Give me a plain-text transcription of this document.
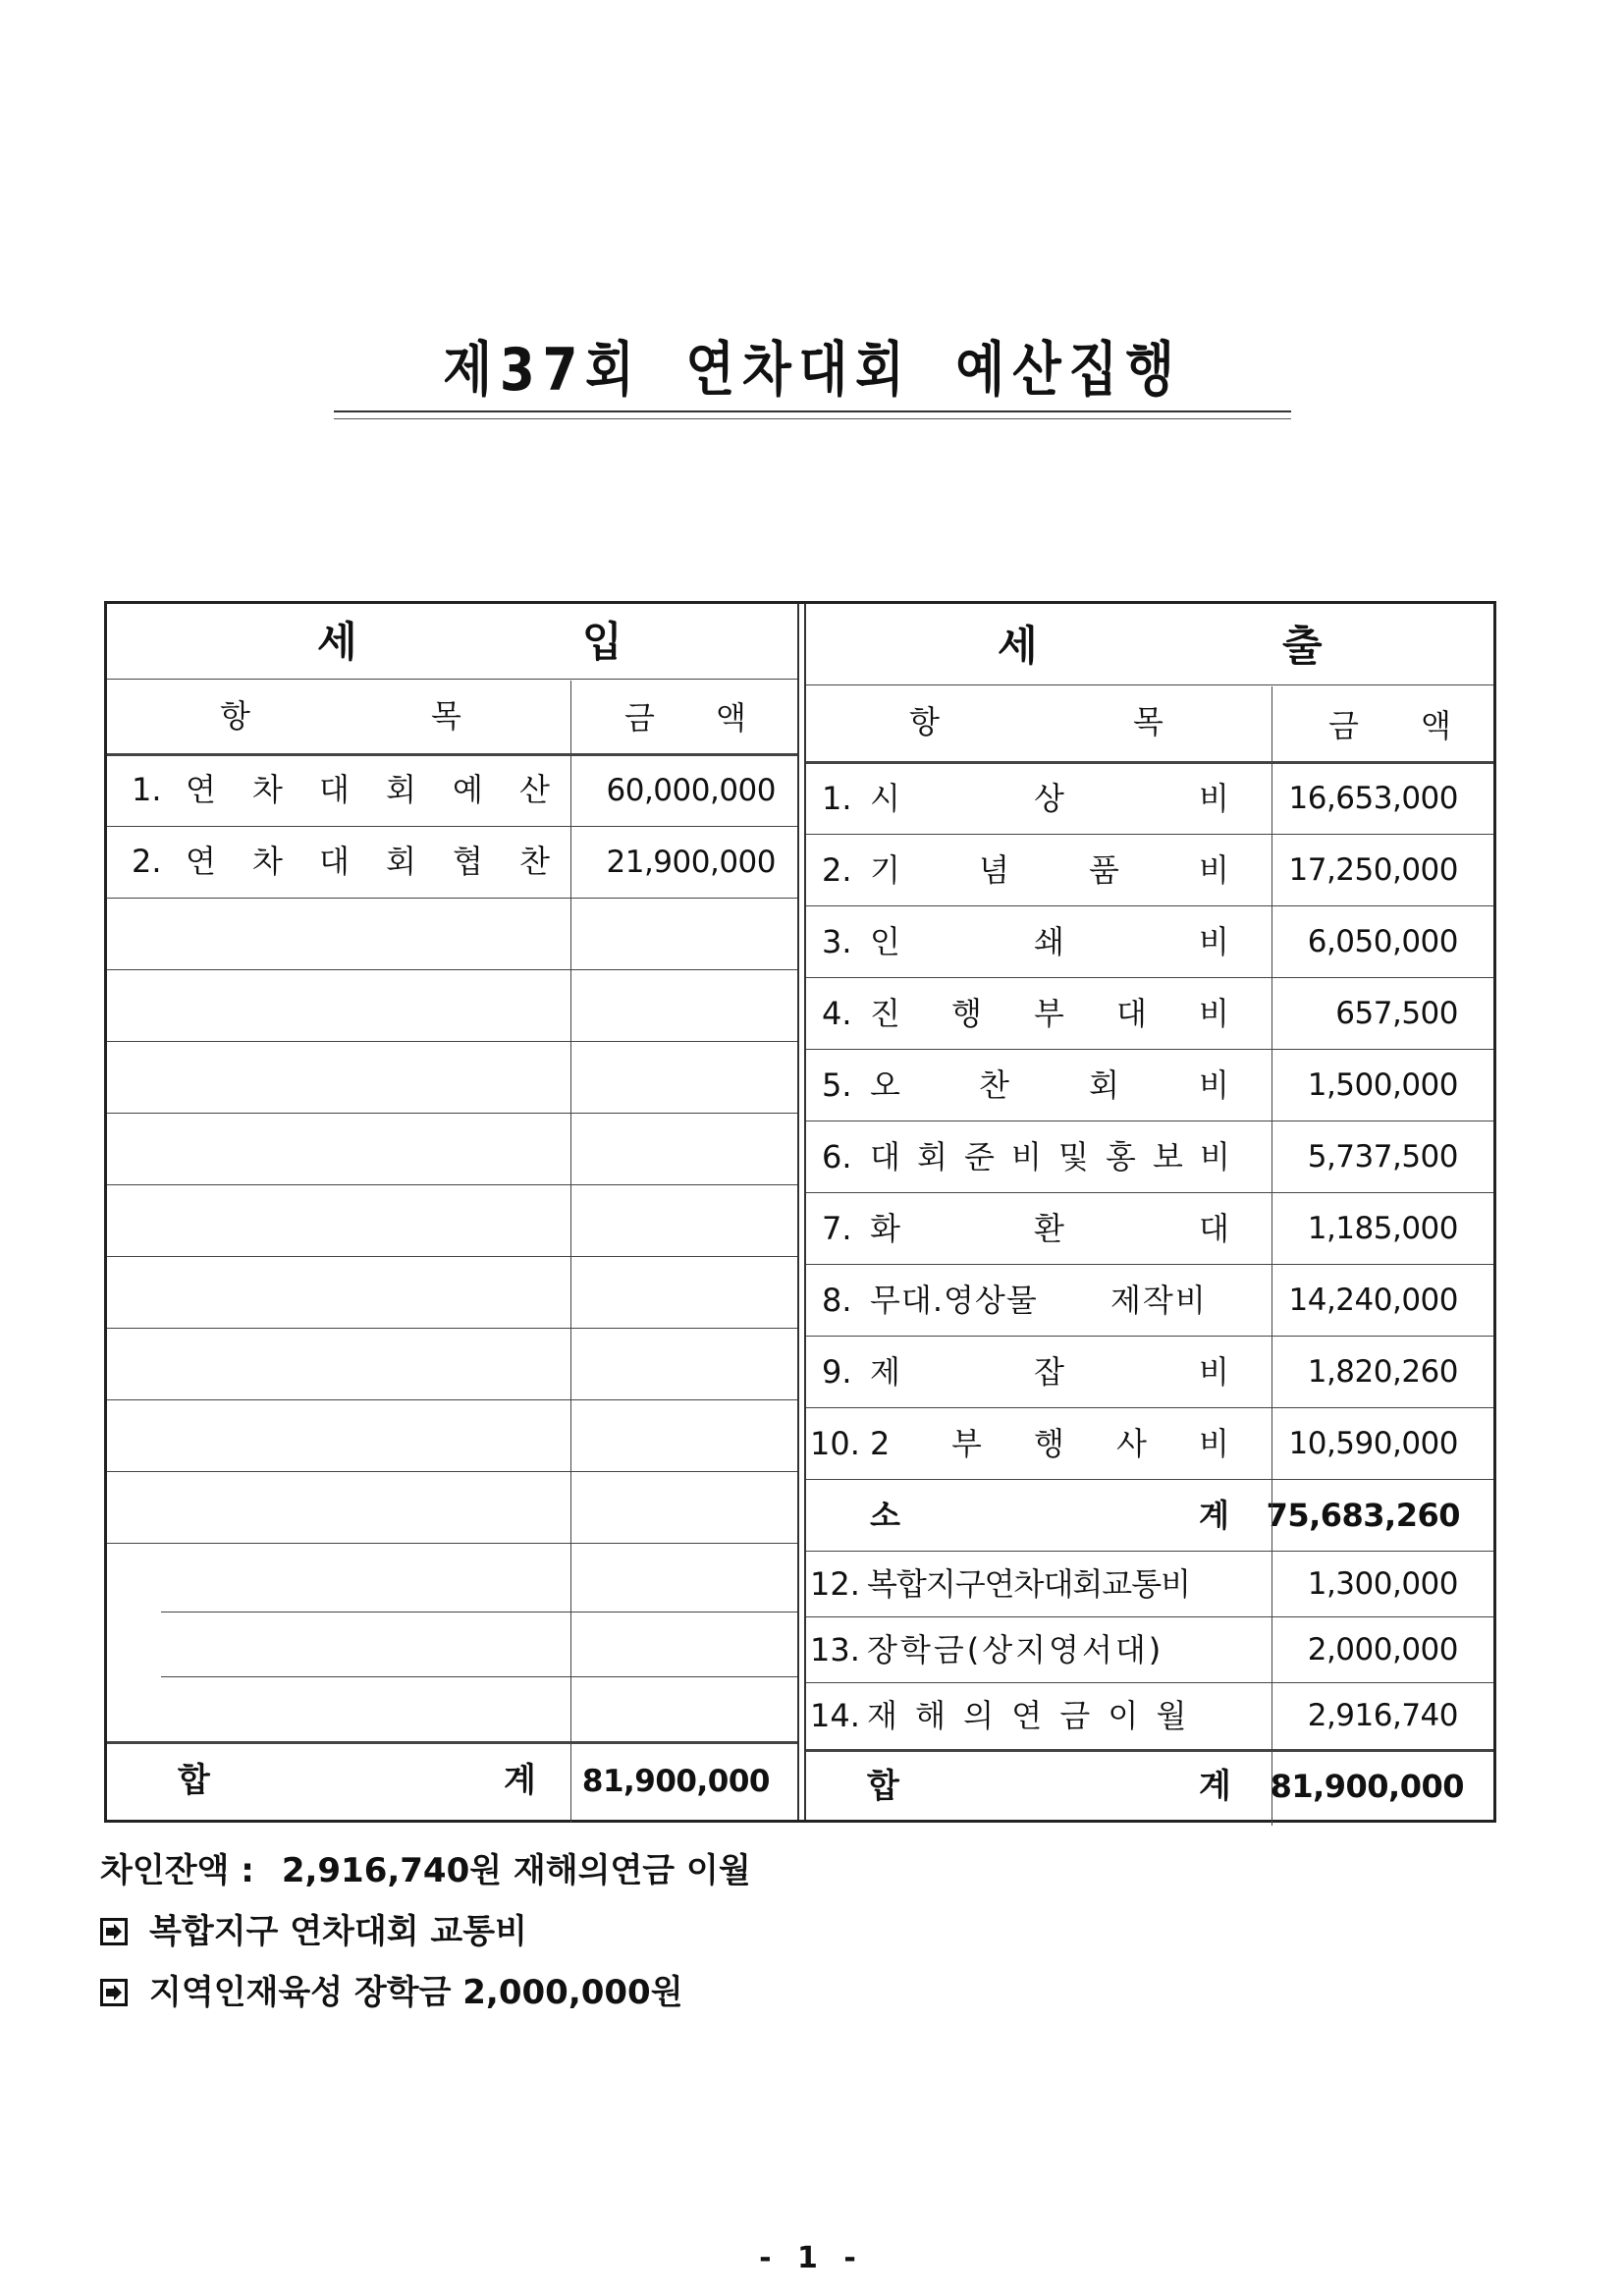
제37회 연차대회 예산집행
세	입
항	목	금 액
1. 연 차 대 회 예 산	60,000,000
2. 연 차 대 회 협 찬	21,900,000
합	계	81,900,000
세	출
항	목	금 액
1. 시	상	비	16,653,000
2. 기	념	품	비	17,250,000
3. 인	쇄	비	6,050,000
4. 진 행 부 대 비	657,500
5. 오	찬	회	비	1,500,000
6. 대 회 준 비 및 홍 보 비	5,737,500
7. 화	환	대	1,185,000
8. 무대.영상물 제작비	14,240,000
9. 제	잡	비	1,820,260
10. 2 부 행 사 비	10,590,000
소	계 75,683,260
12. 복합지구연차대회교통비	1,300,000
13. 장학금(상지영서대)	2,000,000
14. 재 해 의 연 금 이 월	2,916,740
합	계 81,900,000
차인잔액 : 2,916,740원 재해의연금 이월
복합지구 연차대회 교통비
지역인재육성 장학금 2,000,000원
- 1 -
